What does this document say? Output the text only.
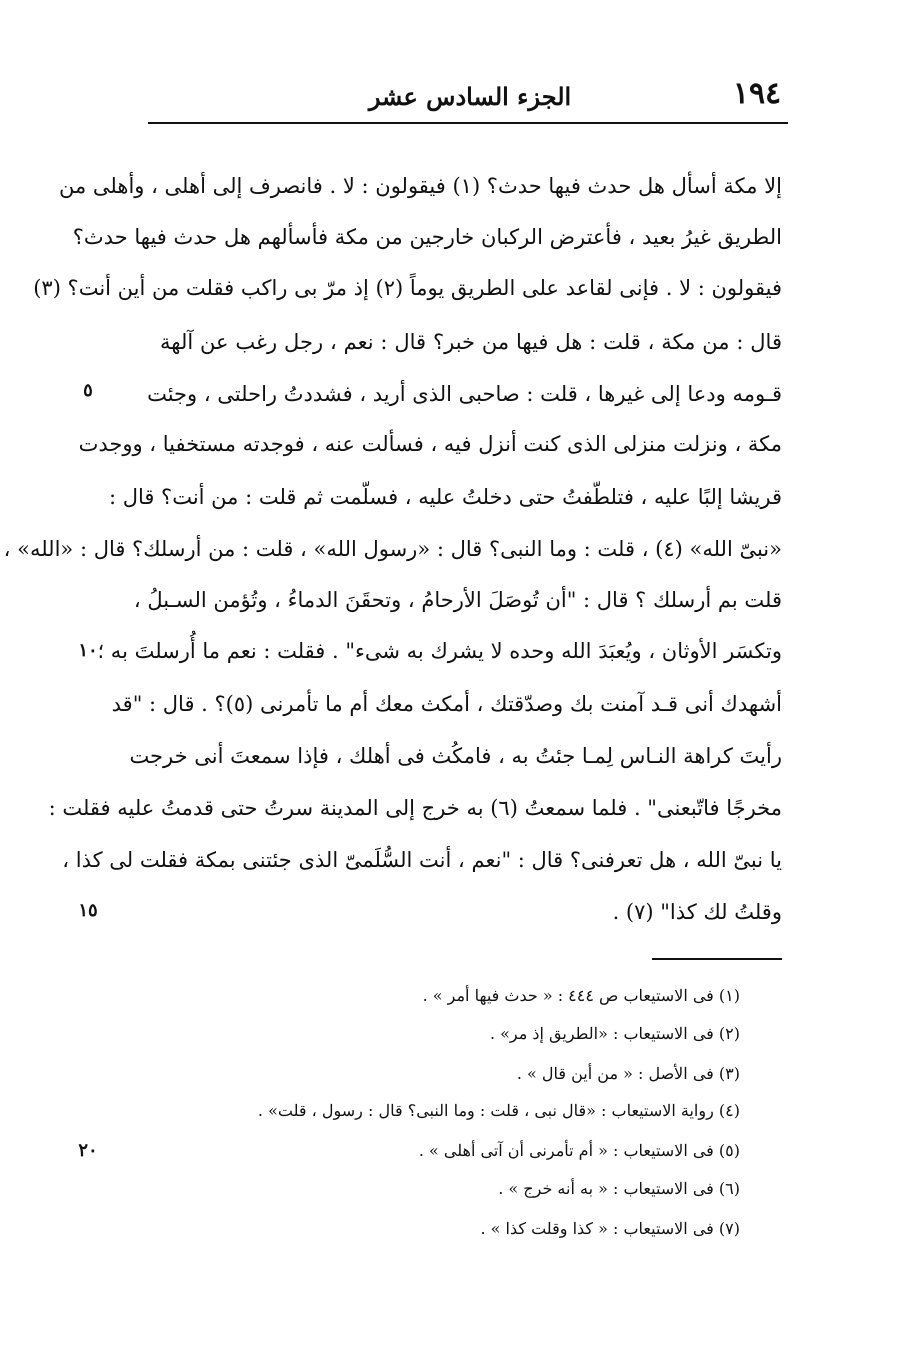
١٩٤
الجزء السادس عشر
إلا مكة أسأل هل حدث فيها حدث؟ (١) فيقولون : لا . فانصرف إلى أهلى ، وأهلى من
الطريق غيرُ بعيد ، فأعترض الركبان خارجين من مكة فأسألهم هل حدث فيها حدث؟
فيقولون : لا . فإنى لقاعد على الطريق يوماً (٢) إذ مرّ بى راكب فقلت من أين أنت؟ (٣)
قال : من مكة ، قلت : هل فيها من خبر؟ قال : نعم ، رجل رغب عن آلهة
قـومه ودعا إلى غيرها ، قلت : صاحبى الذى أريد ، فشددتُ راحلتى ، وجئت
مكة ، ونزلت منزلى الذى كنت أنزل فيه ، فسألت عنه ، فوجدته مستخفيا ، ووجدت
قريشا إلبًا عليه ، فتلطّفتُ حتى دخلتُ عليه ، فسلّمت ثم قلت : من أنت؟ قال :
«نبىّ الله» (٤) ، قلت : وما النبى؟ قال : «رسول الله» ، قلت : من أرسلك؟ قال : «الله» ،
قلت بم أرسلك ؟ قال : "أن تُوصَلَ الأرحامُ ، وتحقَنَ الدماءُ ، وتُؤمن السـبلُ ،
وتكسَر الأوثان ، ويُعبَدَ الله وحده لا يشرك به شىء" . فقلت : نعم ما أُرسلتَ به ؛
أشهدك أنى قـد آمنت بك وصدّقتك ، أمكث معك أم ما تأمرنى (٥)؟ . قال : "قد
رأيتَ كراهة النـاس لِمـا جئتُ به ، فامكُث فى أهلك ، فإذا سمعتَ أنى خرجت
مخرجًا فاتّبعنى" . فلما سمعتُ (٦) به خرج إلى المدينة سرتُ حتى قدمتُ عليه فقلت :
يا نبىّ الله ، هل تعرفنى؟ قال : "نعم ، أنت السُّلَمىّ الذى جئتنى بمكة فقلت لى كذا ،
وقلتُ لك كذا" (٧) .
٥
١٠
١٥
٢٠
(١) فى الاستيعاب ص ٤٤٤ : « حدث فيها أمر » .
(٢) فى الاستيعاب : «الطريق إذ مر» .
(٣) فى الأصل : « من أين قال » .
(٤) رواية الاستيعاب : «قال نبى ، قلت : وما النبى؟ قال : رسول ، قلت» .
(٥) فى الاستيعاب : « أم تأمرنى أن آتى أهلى » .
(٦) فى الاستيعاب : « به أنه خرج » .
(٧) فى الاستيعاب : « كذا وقلت كذا » .
